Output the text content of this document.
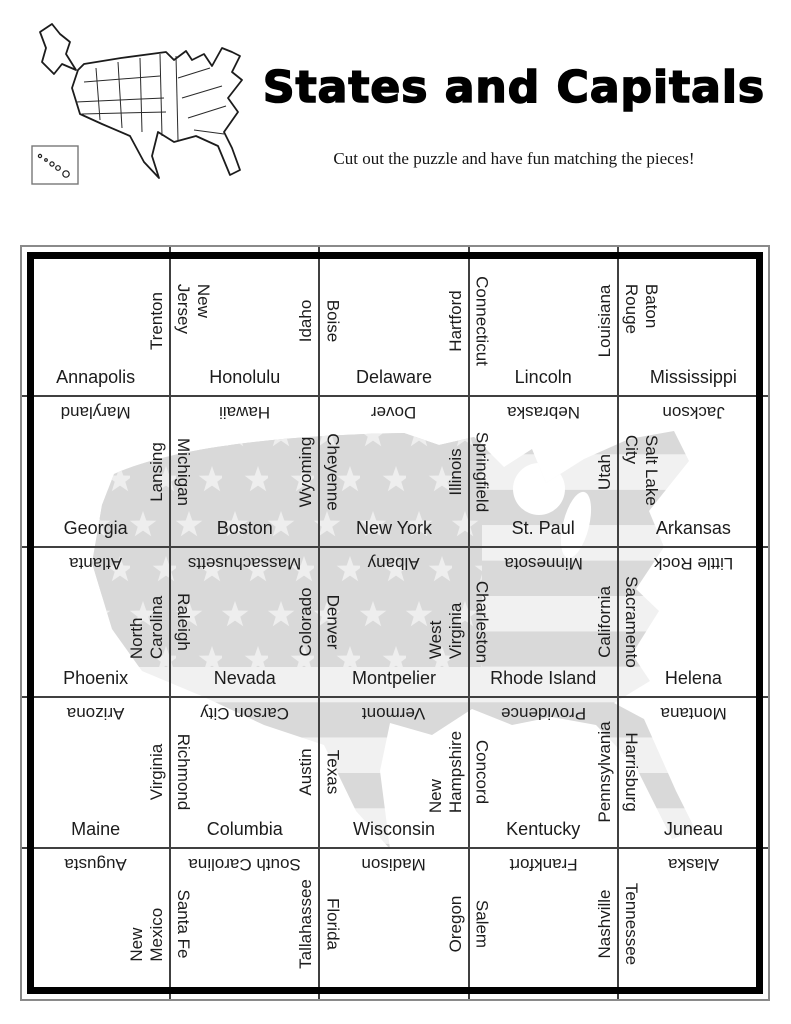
States and Capitals
Cut out the puzzle and have fun matching the pieces!
Trenton
Annapolis
New Jersey	Idaho
Honolulu
Boise	Hartford
Delaware
Connecticut	Louisiana
Lincoln
Baton Rouge
Mississippi
Maryland
Lansing
Georgia
Hawaii
Michigan	Wyoming
Boston
Dover
Cheyenne	Illinois
New York
Nebraska
Springfield	Utah
St. Paul
Jackson
Salt Lake City
Arkansas
Atlanta
North Carolina
Phoenix
Massachusetts
Raleigh	Colorado
Nevada
Albany
Denver	West Virginia
Montpelier
Minnesota
Charleston	California
Rhode Island
Little Rock
Sacramento
Helena
Arizona
Virginia
Maine
Carson City
Richmond	Austin
Columbia
Vermont
Texas
New Hampshire
Wisconsin
Providence
Concord	Pennsylvania
Kentucky
Montana
Harrisburg
Juneau
Augusta
New Mexico
South Carolina
Santa Fe	Tallahassee
Madison
Florida	Oregon
Frankfort
Salem	Nashville
Alaska
Tennessee
